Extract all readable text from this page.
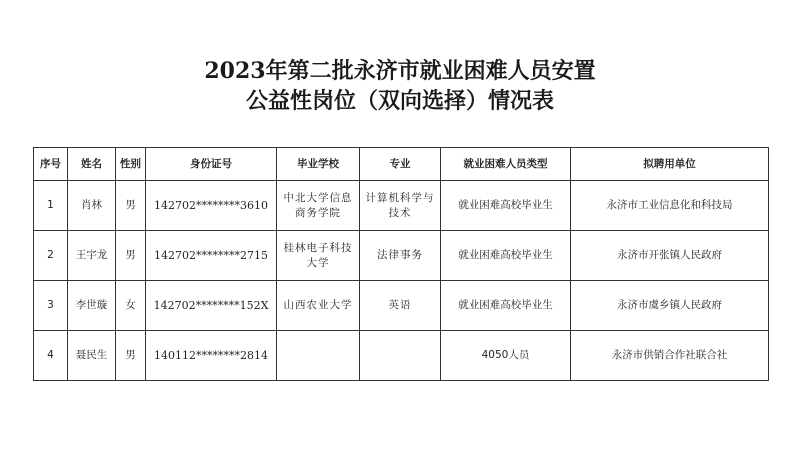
2023年第二批永济市就业困难人员安置
公益性岗位（双向选择）情况表
序号	姓名	性别	身份证号	毕业学校	专业	就业困难人员类型	拟聘用单位
1	肖林	男	142702********3610	中北大学信息商务学院	计算机科学与技术	就业困难高校毕业生	永济市工业信息化和科技局
2	王宇龙	男	142702********2715	桂林电子科技大学	法律事务	就业困难高校毕业生	永济市开张镇人民政府
3	李世璇	女	142702********152X	山西农业大学	英语	就业困难高校毕业生	永济市虞乡镇人民政府
4	聂民生	男	140112********2814			4050人员	永济市供销合作社联合社
